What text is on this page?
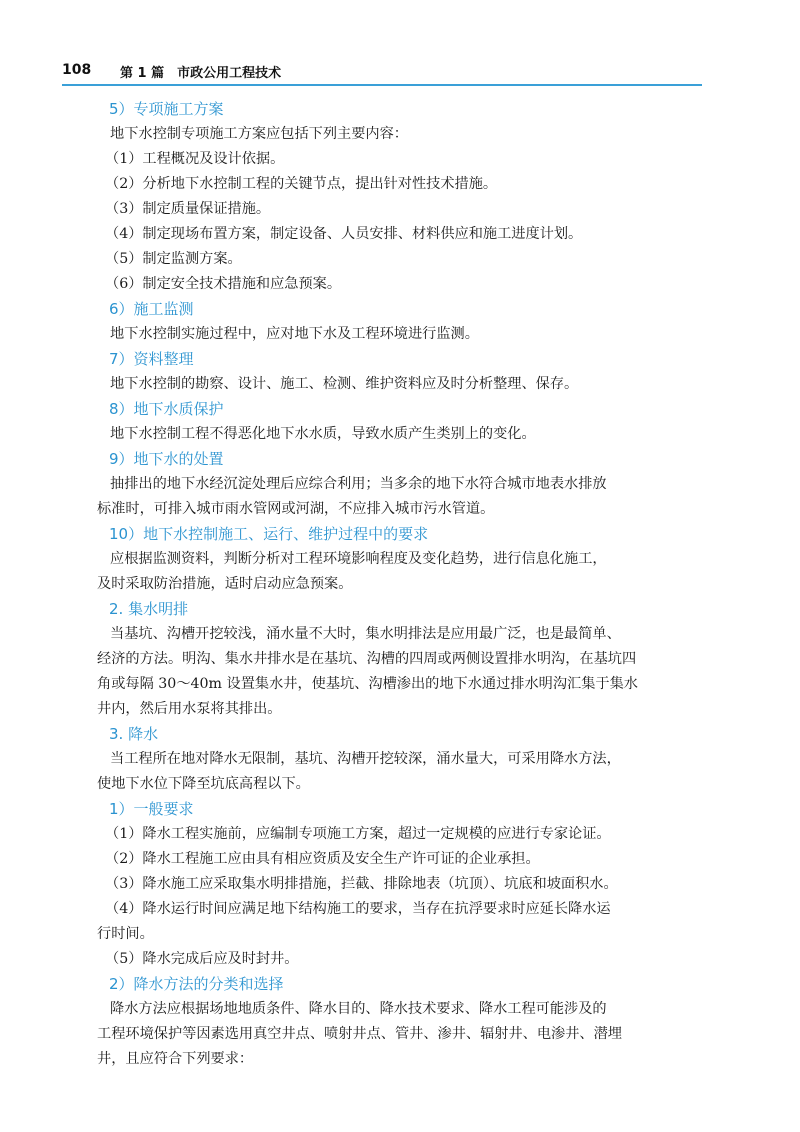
108 第 1 篇　市政公用工程技术
5）专项施工方案
地下水控制专项施工方案应包括下列主要内容：
（1）工程概况及设计依据。
（2）分析地下水控制工程的关键节点，提出针对性技术措施。
（3）制定质量保证措施。
（4）制定现场布置方案，制定设备、人员安排、材料供应和施工进度计划。
（5）制定监测方案。
（6）制定安全技术措施和应急预案。
6）施工监测
地下水控制实施过程中，应对地下水及工程环境进行监测。
7）资料整理
地下水控制的勘察、设计、施工、检测、维护资料应及时分析整理、保存。
8）地下水质保护
地下水控制工程不得恶化地下水水质，导致水质产生类别上的变化。
9）地下水的处置
抽排出的地下水经沉淀处理后应综合利用；当多余的地下水符合城市地表水排放
标准时，可排入城市雨水管网或河湖，不应排入城市污水管道。
10）地下水控制施工、运行、维护过程中的要求
应根据监测资料，判断分析对工程环境影响程度及变化趋势，进行信息化施工，
及时采取防治措施，适时启动应急预案。
2. 集水明排
当基坑、沟槽开挖较浅，涌水量不大时，集水明排法是应用最广泛，也是最简单、
经济的方法。明沟、集水井排水是在基坑、沟槽的四周或两侧设置排水明沟，在基坑四
角或每隔 30～40m 设置集水井，使基坑、沟槽渗出的地下水通过排水明沟汇集于集水
井内，然后用水泵将其排出。
3. 降水
当工程所在地对降水无限制，基坑、沟槽开挖较深，涌水量大，可采用降水方法，
使地下水位下降至坑底高程以下。
1）一般要求
（1）降水工程实施前，应编制专项施工方案，超过一定规模的应进行专家论证。
（2）降水工程施工应由具有相应资质及安全生产许可证的企业承担。
（3）降水施工应采取集水明排措施，拦截、排除地表（坑顶）、坑底和坡面积水。
（4）降水运行时间应满足地下结构施工的要求，当存在抗浮要求时应延长降水运
行时间。
（5）降水完成后应及时封井。
2）降水方法的分类和选择
降水方法应根据场地地质条件、降水目的、降水技术要求、降水工程可能涉及的
工程环境保护等因素选用真空井点、喷射井点、管井、渗井、辐射井、电渗井、潜埋
井，且应符合下列要求：
